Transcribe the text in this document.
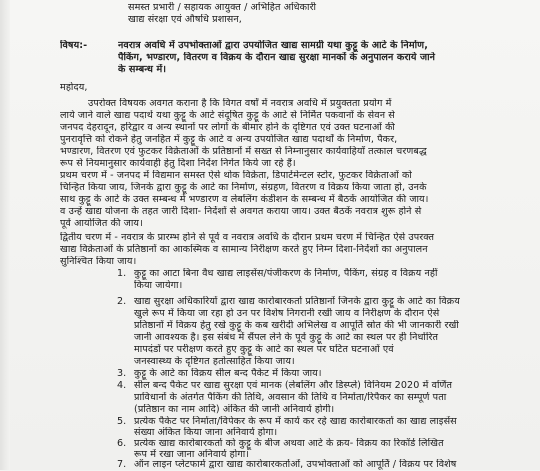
समस्त प्रभारी / सहायक आयुक्त / अभिहित अधिकारी
खाद्य संरक्षा एवं औषधि प्रशासन,
विषय:-	नवरात्र अवधि में उपभोक्ताओं द्वारा उपयोजित खाद्य सामग्री यथा कुट्टू के आटे के निर्माण,
पैकिंग, भण्डारण, वितरण व विक्रय के दौरान खाद्य सुरक्षा मानकों के अनुपालन कराये जाने
के सम्बन्ध में।
महोदय,
उपरोक्त विषयक अवगत कराना है कि विगत वर्षों में नवरात्र अवधि में प्रयुक्तता प्रयोग में
लाये जाने वाले खाद्य पदार्थ यथा कुट्टू के आटे संदूषित कुट्टू के आटे से निर्मित पकवानों के सेवन से
जनपद देहरादून, हरिद्वार व अन्य स्थानों पर लोगों के बीमार होने के दृष्टिगत एवं उक्त घटनाओं की
पुनरावृत्ति को रोकने हेतु जनहित में कुट्टू के आटे व अन्य उपयोजित खाद्य पदार्थों के निर्माण, पैकर,
भण्डारण, वितरण एवं फुटकर विक्रेताओं के प्रतिष्ठानों में सख्त से निम्नानुसार कार्यवाहियाँ तत्काल चरणबद्ध
रूप से नियमानुसार कार्यवाही हेतु दिशा निर्देश निर्गत किये जा रहे हैं।
प्रथम चरण में - जनपद में विद्यमान समस्त ऐसे थोक विक्रेता, डिपार्टमेन्टल स्टोर, फुटकर विक्रेताओं को
चिन्हित किया जाय, जिनके द्वारा कुट्टू के आटे का निर्माण, संग्रहण, वितरण व विक्रय किया जाता हो, उनके
साथ कुट्टू के आटे के उक्त सम्बन्ध में भण्डारण व लेबलिंग कंडीशन के सम्बन्ध में बैठकें आयोजित की जाय।
व उन्हें खाद्य योजना के तहत जारी दिशा- निर्देशों से अवगत कराया जाय। उक्त बैठकें नवरात्र शुरू होने से
पूर्व आयोजित की जाय।
द्वितीय चरण में - नवरात्र के प्रारम्भ होने से पूर्व व नवरात्र अवधि के दौरान प्रथम चरण में चिन्हित ऐसे उपरक्त
खाद्य विक्रेताओं के प्रतिष्ठानों का आकस्मिक व सामान्य निरीक्षण करते हुए निम्न दिशा-निर्देशों का अनुपालन
सुनिश्चित किया जाय।
1. कुट्टू का आटा बिना वैध खाद्य लाइसेंस/पंजीकरण के निर्माण, पैकिंग, संग्रह व विक्रय नहीं
किया जायेगा।
2. खाद्य सुरक्षा अधिकारियों द्वारा खाद्य कारोबारकर्ता प्रतिष्ठानों जिनके द्वारा कुट्टू के आटे का विक्रय
खुले रूप में किया जा रहा हो उन पर विशेष निगरानी रखी जाय व निरीक्षण के दौरान ऐसे
प्रतिष्ठानों में विक्रय हेतु रखे कुट्टू के कब खरीदी अभिलेख व आपूर्ति स्रोत की भी जानकारी रखी
जानी आवश्यक है। इस संबंध में सैंपल लेने के पूर्व कुट्टू के आटे का स्थल पर ही निर्धारित
मापदंडों पर परीक्षण करते हुए कुट्टू के आटे का स्थल पर घटित घटनाओं एवं
जनस्वास्थ्य के दृष्टिगत हतोत्साहित किया जाय।
3. कुट्टू के आटे का विक्रय सील बन्द पैकेट में किया जाय।
4. सील बन्द पैकेट पर खाद्य सुरक्षा एवं मानक (लेबलिंग और डिस्प्ले) विनियम 2020 में वर्णित
प्राविधानों के अंतर्गत पैकिंग की तिथि, अवसान की तिथि व निर्माता/रिपैकर का सम्पूर्ण पता
(प्रतिष्ठान का नाम आदि) अंकित की जानी अनिवार्य होगी।
5. प्रत्येक पैकेट पर निर्माता/विपेकर के रूप में कार्य कर रहे खाद्य कारोबारकर्ता का खाद्य लाइसेंस
संख्या अंकित किया जाना अनिवार्य होगा।
6. प्रत्येक खाद्य कारोबारकर्ता को कुट्टू के बीज अथवा आटे के क्रय- विक्रय का रिकॉर्ड लिखित
रूप में रखा जाना अनिवार्य होगा।
7. ऑन लाइन प्लेटफार्म द्वारा खाद्य कारोबारकर्ताओं, उपभोक्ताओं को आपूर्ति / विक्रय पर विशेष
